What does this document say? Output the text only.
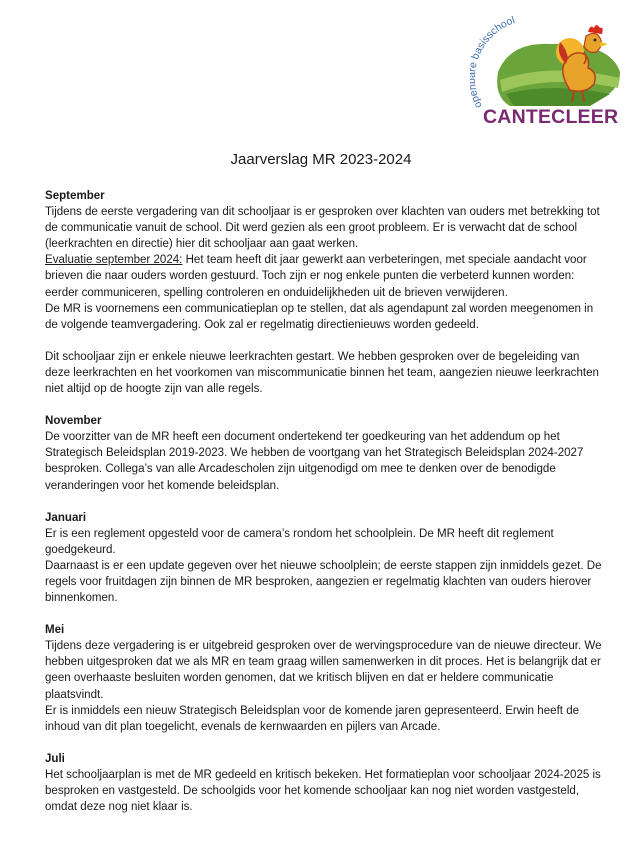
op basisschool
CANTECLEER
Jaarverslag MR 2023-2024
September

Tijdens de eerste vergadering van dit schooljaar is er gesproken over klachten van ouders met betrekking tot de communicatie vanuit de school. Dit werd gezien als een groot probleem. Er is verwacht dat de school (leerkrachten en directie) hier dit schooljaar aan gaat werken.

Evaluatie september 2024: Het team heeft dit jaar gewerkt aan verbeteringen, met speciale aandacht voor brieven die naar ouders worden gestuurd. Toch zijn er nog enkele punten die verbeterd kunnen worden: eerder communiceren, spelling controleren en onduidelijkheden uit de brieven verwijderen.

De MR is voornemens een communicatieplan op te stellen, dat als agendapunt zal worden meegenomen in de volgende teamvergadering. Ook zal er regelmatig directienieuws worden gedeeld.

Dit schooljaar zijn er enkele nieuwe leerkrachten gestart. We hebben gesproken over de begeleiding van deze leerkrachten en het voorkomen van miscommunicatie binnen het team, aangezien nieuwe leerkrachten niet altijd op de hoogte zijn van alle regels.

November

De voorzitter van de MR heeft een document ondertekend ter goedkeuring van het addendum op het Strategisch Beleidsplan 2019-2023. We hebben de voortgang van het Strategisch Beleidsplan 2024-2027 besproken. Collega’s van alle Arcadescholen zijn uitgenodigd om mee te denken over de benodigde veranderingen voor het komende beleidsplan.

Januari

Er is een reglement opgesteld voor de camera’s rondom het schoolplein. De MR heeft dit reglement goedgekeurd.

Daarnaast is er een update gegeven over het nieuwe schoolplein; de eerste stappen zijn inmiddels gezet. De regels voor fruitdagen zijn binnen de MR besproken, aangezien er regelmatig klachten van ouders hierover binnenkomen.

Mei

Tijdens deze vergadering is er uitgebreid gesproken over de wervingsprocedure van de nieuwe directeur. We hebben uitgesproken dat we als MR en team graag willen samenwerken in dit proces. Het is belangrijk dat er geen overhaaste besluiten worden genomen, dat we kritisch blijven en dat er heldere communicatie plaatsvindt.

Er is inmiddels een nieuw Strategisch Beleidsplan voor de komende jaren gepresenteerd. Erwin heeft de inhoud van dit plan toegelicht, evenals de kernwaarden en pijlers van Arcade.

Juli

Het schooljaarplan is met de MR gedeeld en kritisch bekeken. Het formatieplan voor schooljaar 2024-2025 is besproken en vastgesteld. De schoolgids voor het komende schooljaar kan nog niet worden vastgesteld, omdat deze nog niet klaar is.
